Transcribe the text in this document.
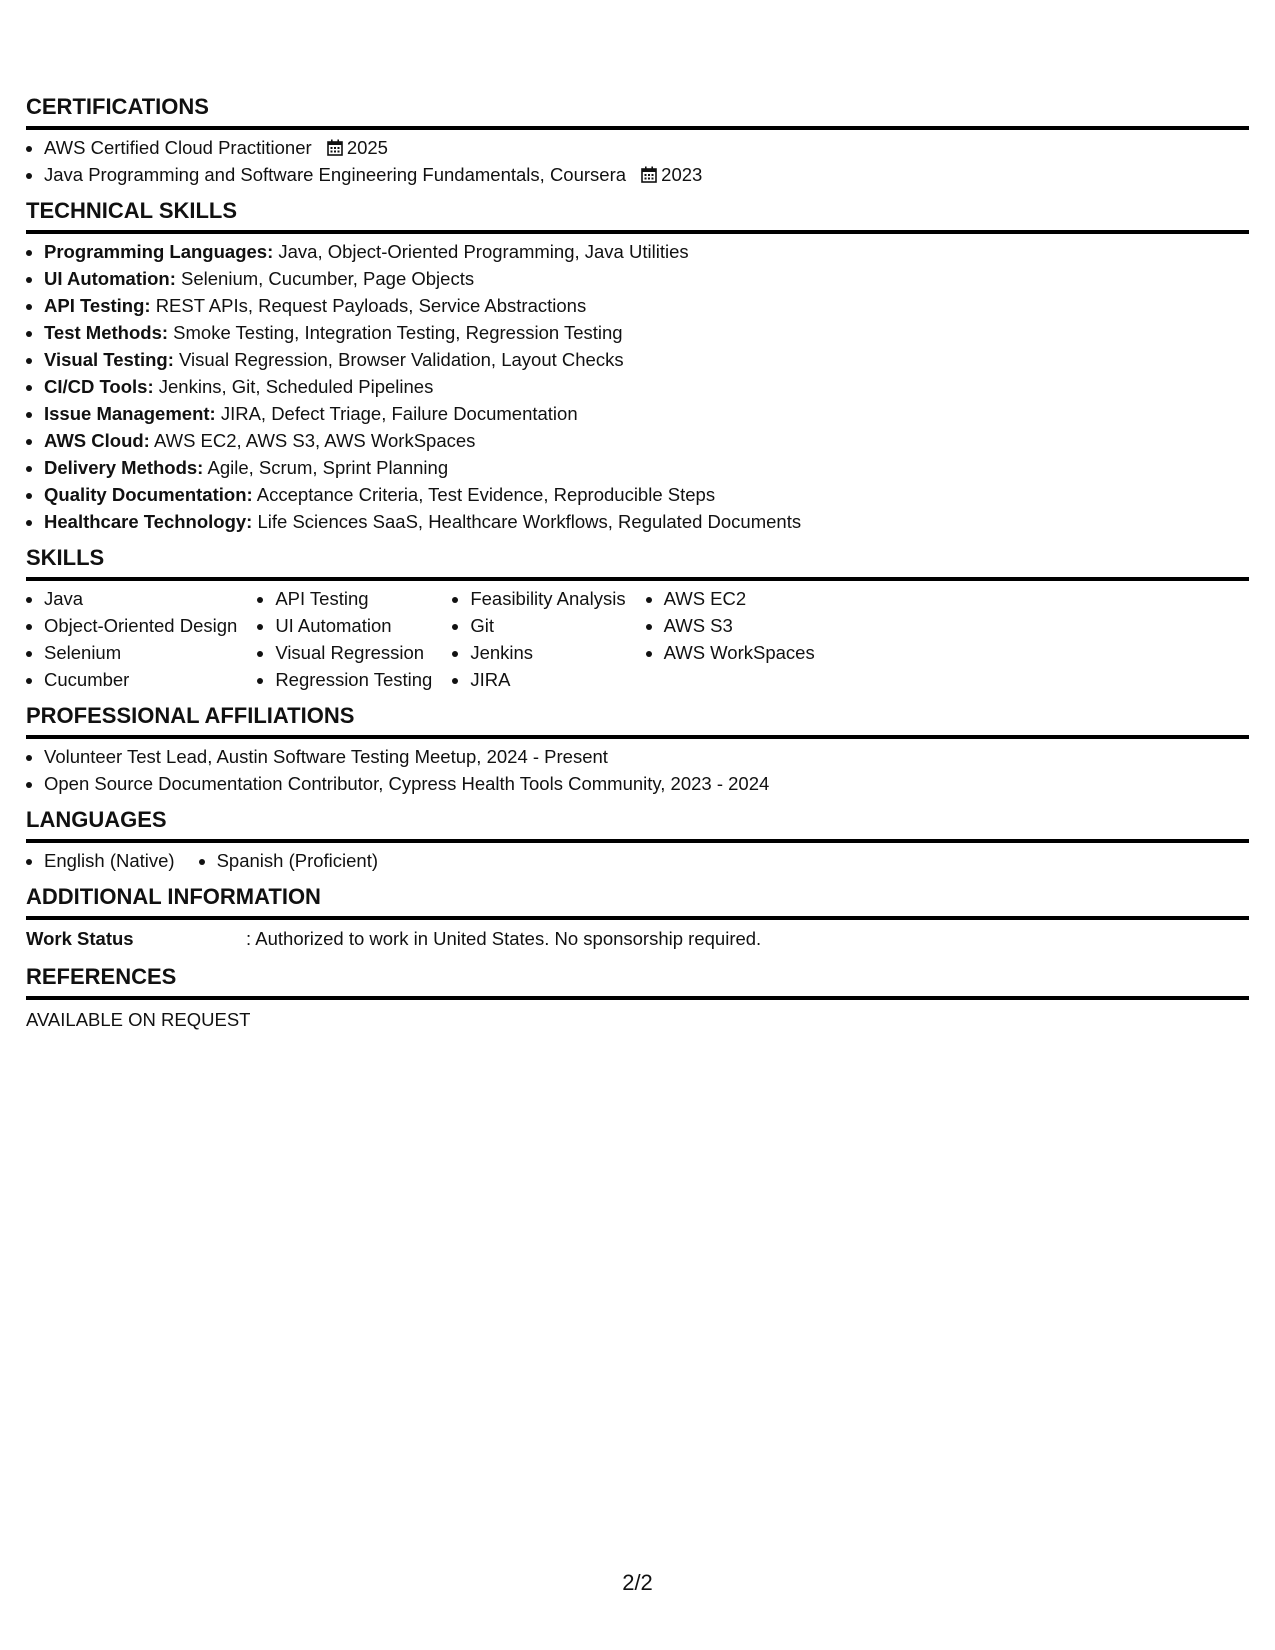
CERTIFICATIONS
• AWS Certified Cloud Practitioner 2025
• Java Programming and Software Engineering Fundamentals, Coursera 2023
TECHNICAL SKILLS
• Programming Languages: Java, Object-Oriented Programming, Java Utilities
• UI Automation: Selenium, Cucumber, Page Objects
• API Testing: REST APIs, Request Payloads, Service Abstractions
• Test Methods: Smoke Testing, Integration Testing, Regression Testing
• Visual Testing: Visual Regression, Browser Validation, Layout Checks
• CI/CD Tools: Jenkins, Git, Scheduled Pipelines
• Issue Management: JIRA, Defect Triage, Failure Documentation
• AWS Cloud: AWS EC2, AWS S3, AWS WorkSpaces
• Delivery Methods: Agile, Scrum, Sprint Planning
• Quality Documentation: Acceptance Criteria, Test Evidence, Reproducible Steps
• Healthcare Technology: Life Sciences SaaS, Healthcare Workflows, Regulated Documents
SKILLS
• Java
• Object-Oriented Design
• Selenium
• Cucumber
• API Testing
• UI Automation
• Visual Regression
• Regression Testing
• Feasibility Analysis
• Git
• Jenkins
• JIRA
• AWS EC2
• AWS S3
• AWS WorkSpaces
PROFESSIONAL AFFILIATIONS
• Volunteer Test Lead, Austin Software Testing Meetup, 2024 - Present
• Open Source Documentation Contributor, Cypress Health Tools Community, 2023 - 2024
LANGUAGES
• English (Native)
• Spanish (Proficient)
ADDITIONAL INFORMATION
Work Status	: Authorized to work in United States. No sponsorship required.
REFERENCES
AVAILABLE ON REQUEST
2/2
